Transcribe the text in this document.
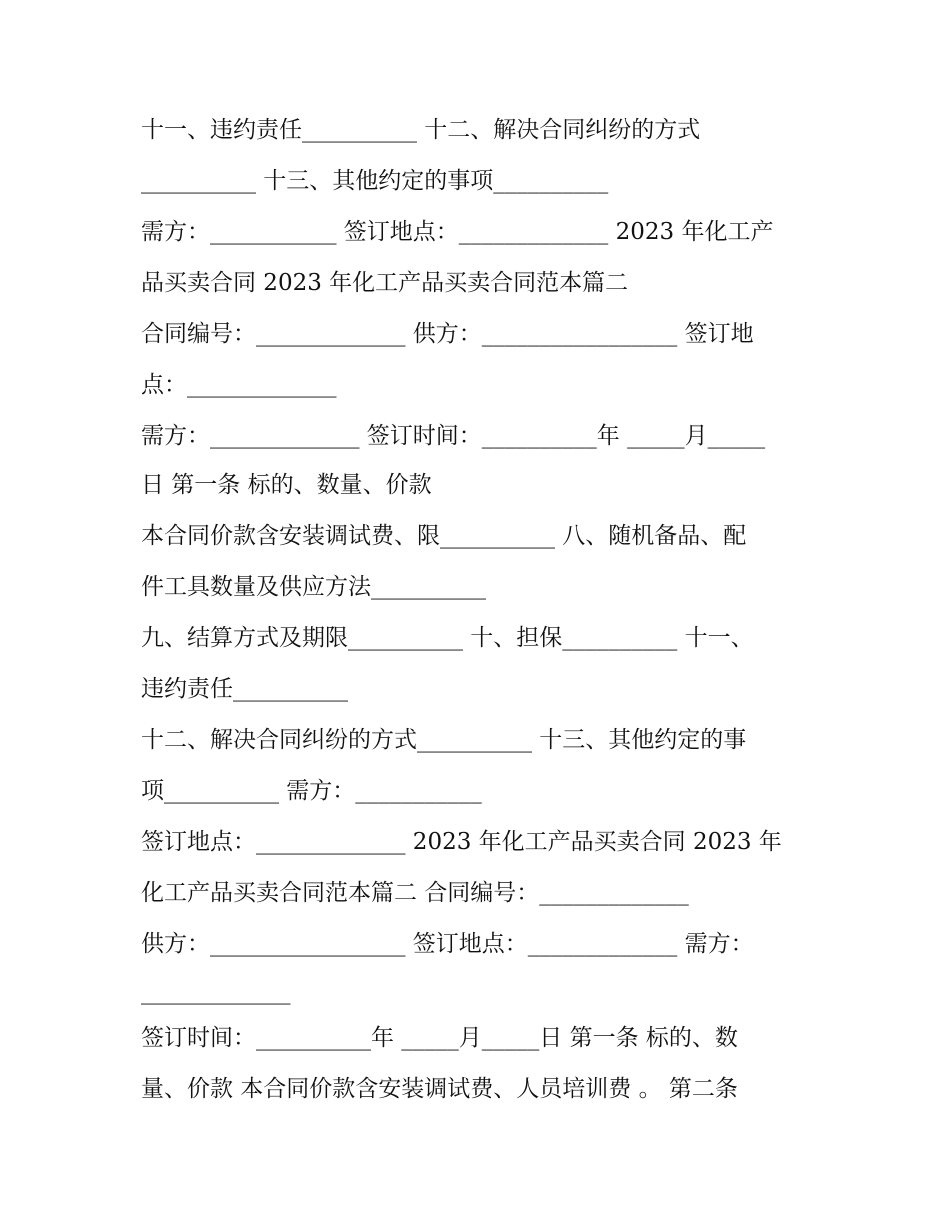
十一、违约责任__________ 十二、解决合同纠纷的方式
__________ 十三、其他约定的事项__________
需方：___________ 签订地点：_____________ 2023 年化工产
品买卖合同 2023 年化工产品买卖合同范本篇二
合同编号：_____________ 供方：_________________ 签订地
点：_____________
需方：_____________ 签订时间：__________年 _____月_____
日 第一条 标的、数量、价款
本合同价款含安装调试费、限__________ 八、随机备品、配
件工具数量及供应方法__________
九、结算方式及期限__________ 十、担保__________ 十一、
违约责任__________
十二、解决合同纠纷的方式__________ 十三、其他约定的事
项__________ 需方：___________
签订地点：_____________ 2023 年化工产品买卖合同 2023 年
化工产品买卖合同范本篇二 合同编号：_____________
供方：_________________ 签订地点：_____________ 需方：
_____________
签订时间：__________年 _____月_____日 第一条 标的、数
量、价款 本合同价款含安装调试费、人员培训费 。 第二条
